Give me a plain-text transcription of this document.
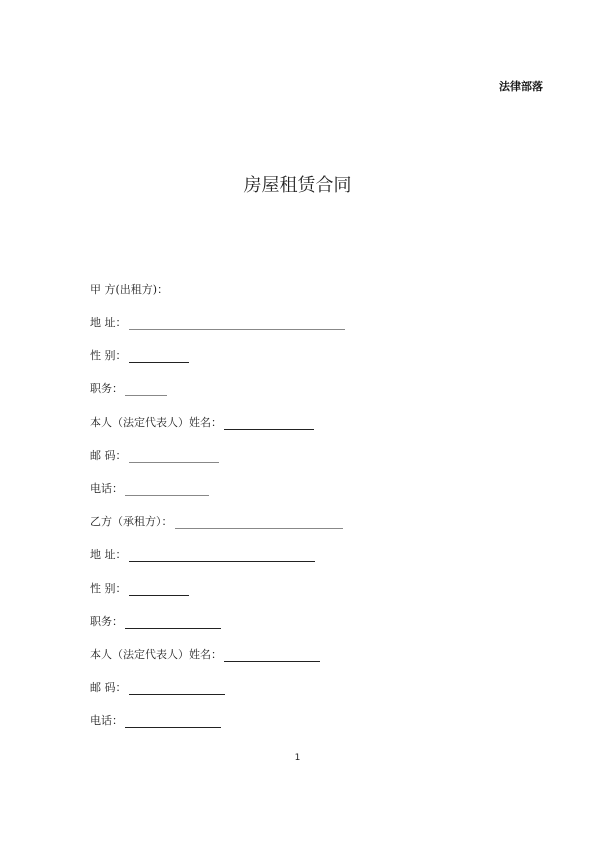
法律部落
房屋租赁合同
甲 方(出租方)：
地 址：
性 别：
职务：
本人（法定代表人）姓名：
邮 码：
电话：
乙方（承租方）：
地 址：
性 别：
职务：
本人（法定代表人）姓名：
邮 码：
电话：
1
